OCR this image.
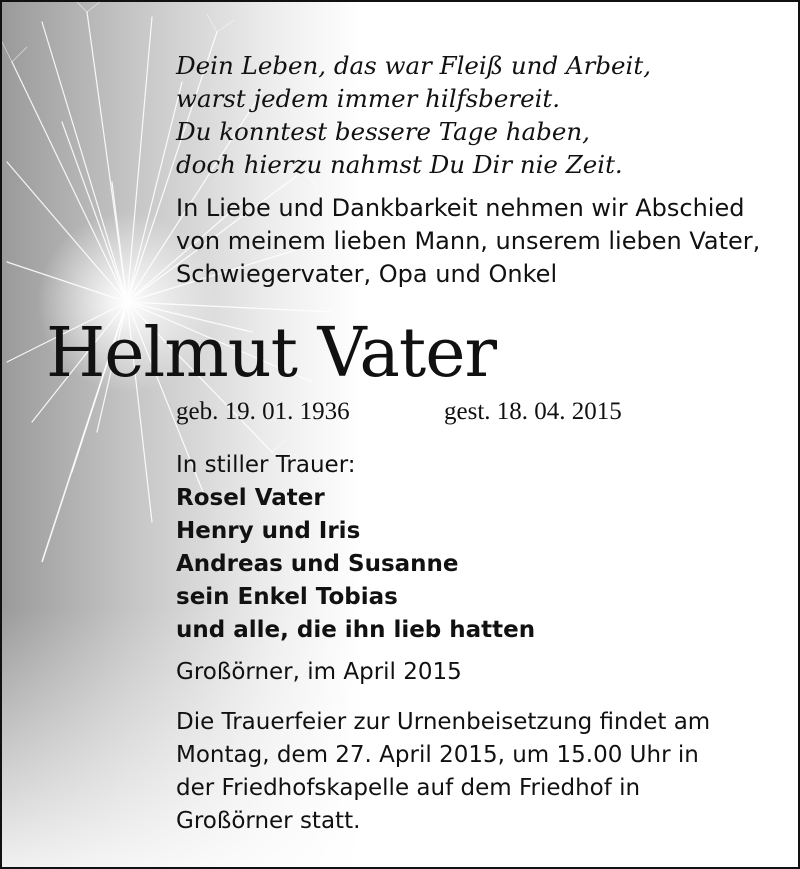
Dein Leben, das war Fleiß und Arbeit,
warst jedem immer hilfsbereit.
Du konntest bessere Tage haben,
doch hierzu nahmst Du Dir nie Zeit.
In Liebe und Dankbarkeit nehmen wir Abschied
von meinem lieben Mann, unserem lieben Vater,
Schwiegervater, Opa und Onkel
geb. 19. 01. 1936	gest. 18. 04. 2015
In stiller Trauer:
Rosel Vater
Henry und Iris
Andreas und Susanne
sein Enkel Tobias
und alle, die ihn lieb hatten
Großörner, im April 2015
Die Trauerfeier zur Urnenbeisetzung findet am
Montag, dem 27. April 2015, um 15.00 Uhr in
der Friedhofskapelle auf dem Friedhof in
Großörner statt.
Helmut Vater
